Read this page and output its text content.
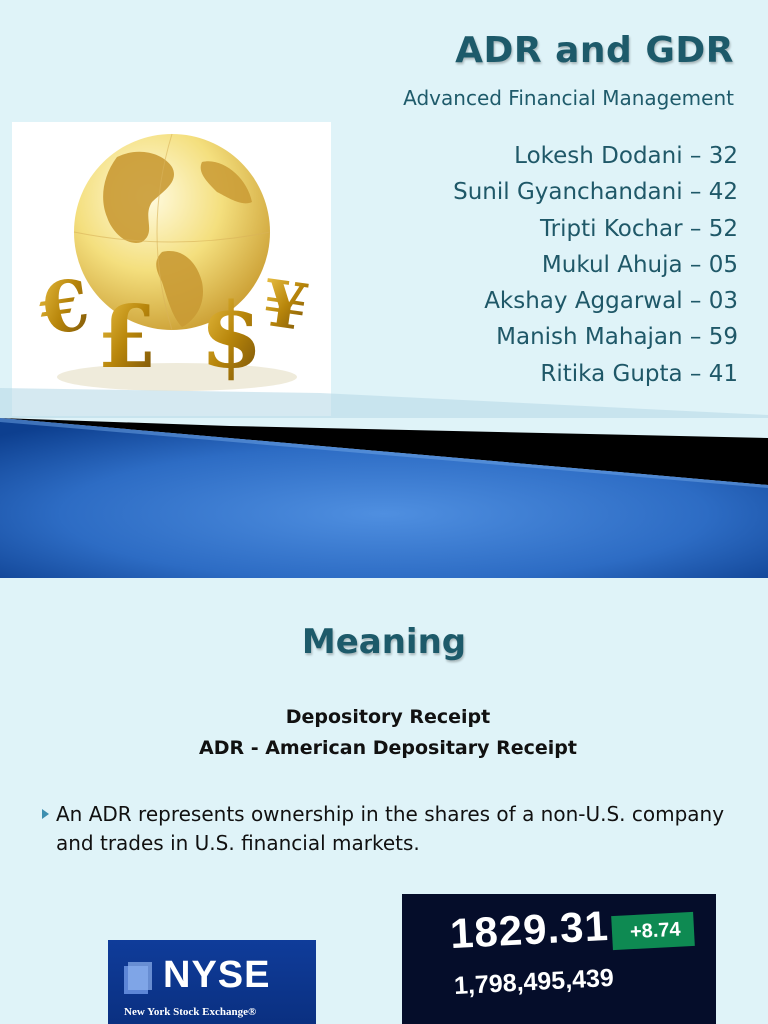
ADR and GDR
Advanced Financial Management
€ £ $
¥
Lokesh Dodani – 32
Sunil Gyanchandani – 42
Tripti Kochar – 52
Mukul Ahuja – 05
Akshay Aggarwal – 03
Manish Mahajan – 59
Ritika Gupta – 41
Meaning
Depository Receipt
ADR - American Depositary Receipt
An ADR represents ownership in the shares of a non-U.S. company and trades in U.S. financial markets.
NYSE
New York Stock Exchange®
1829.31 +8.74
1,798,495,439
